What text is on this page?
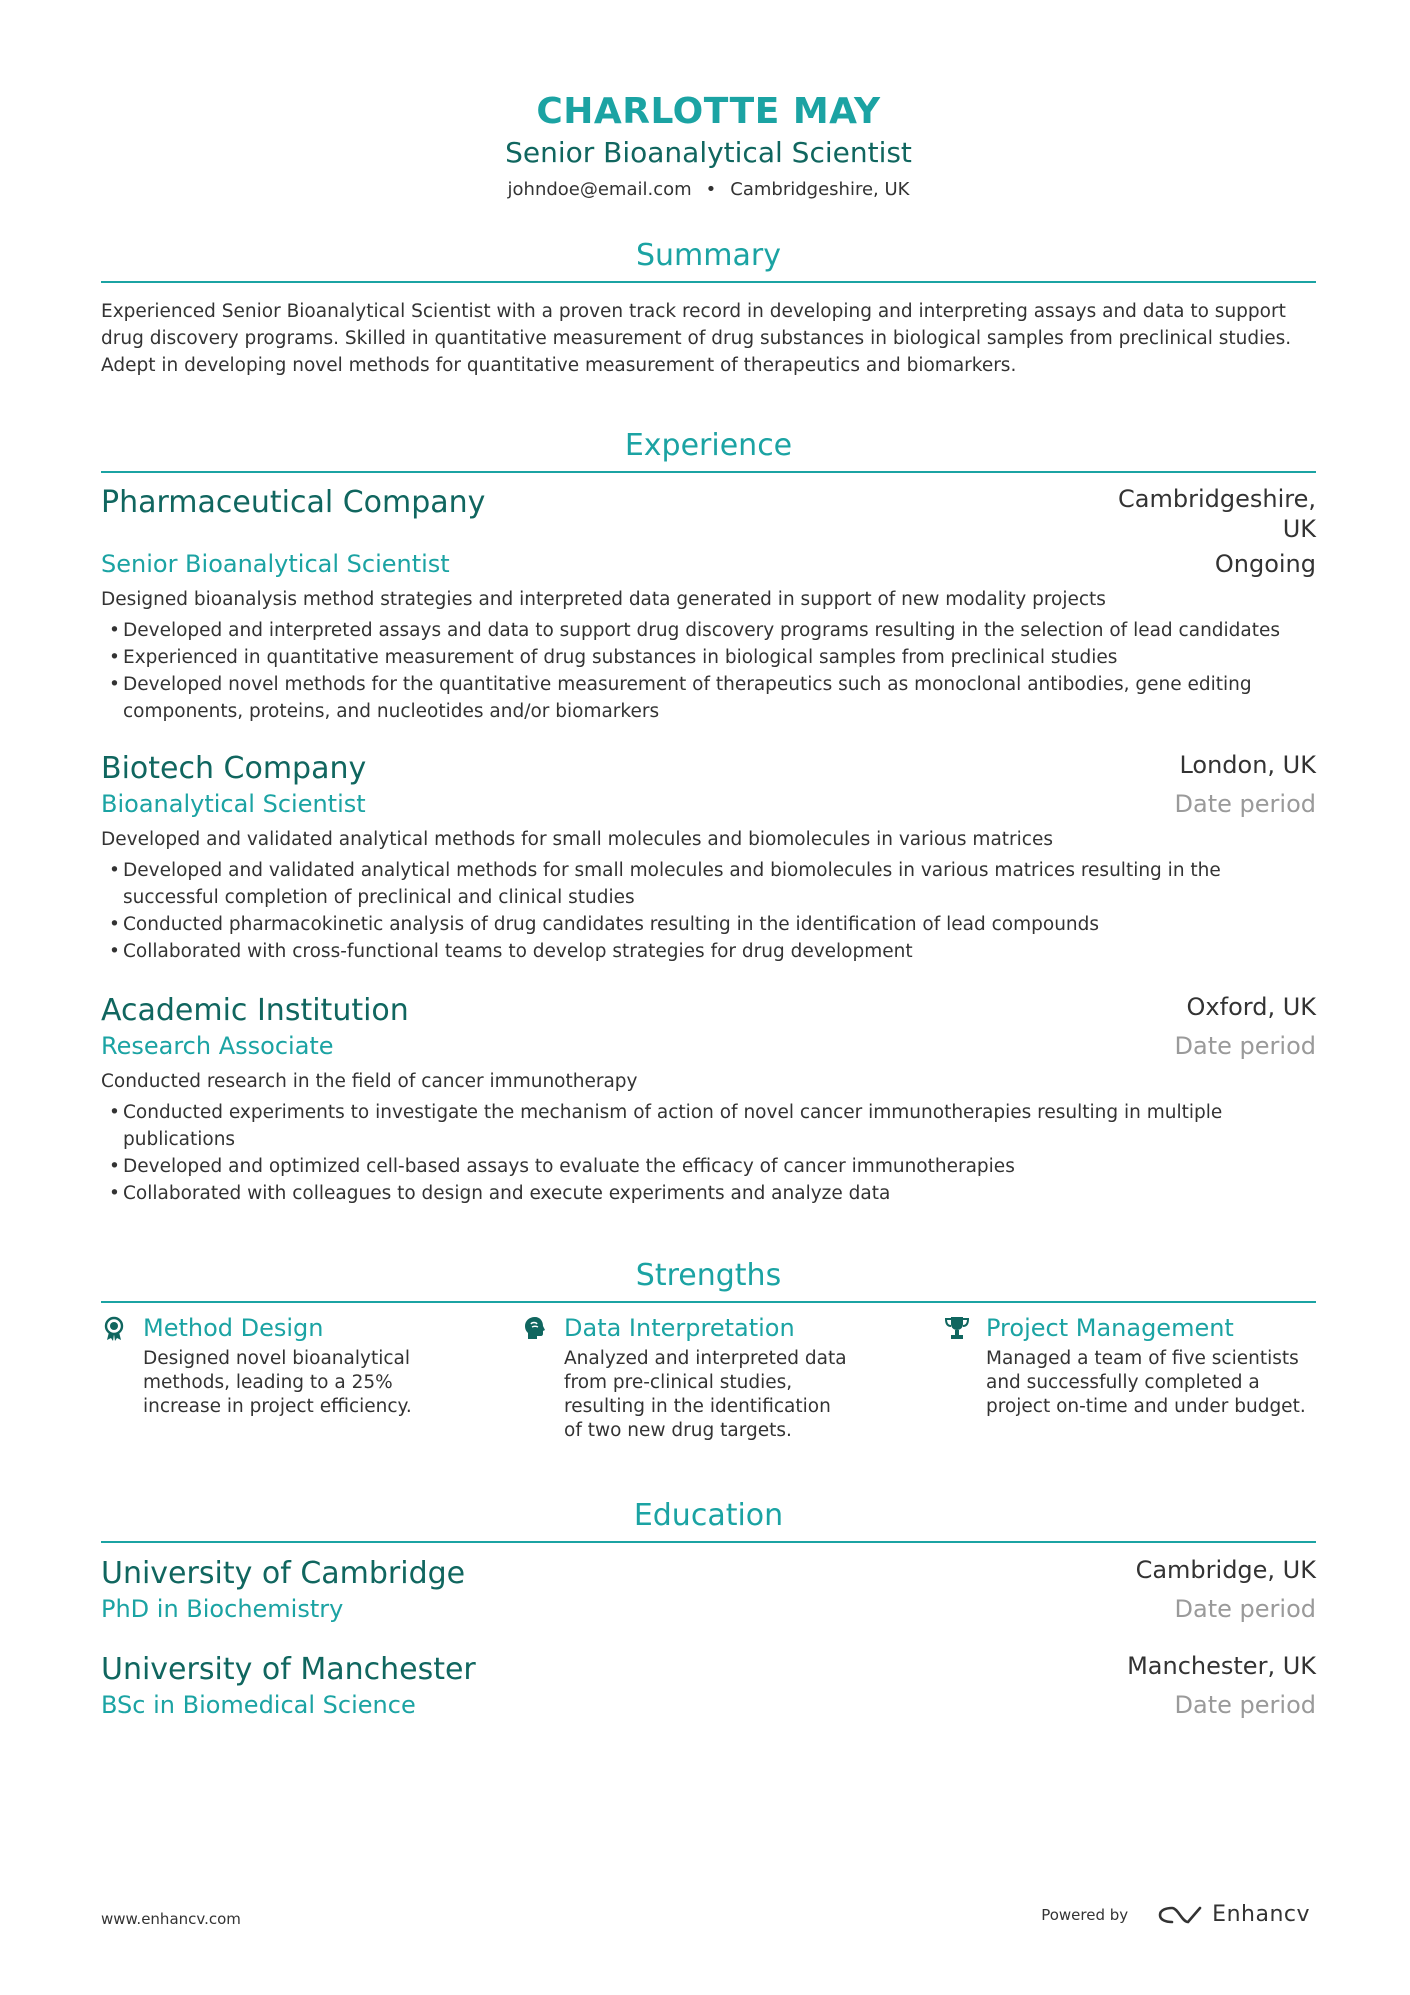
CHARLOTTE MAY
Senior Bioanalytical Scientist
johndoe@email.com • Cambridgeshire, UK
Summary
Experienced Senior Bioanalytical Scientist with a proven track record in developing and interpreting assays and data to support
drug discovery programs. Skilled in quantitative measurement of drug substances in biological samples from preclinical studies.
Adept in developing novel methods for quantitative measurement of therapeutics and biomarkers.
Experience
Pharmaceutical Company	Cambridgeshire,
UK
Senior Bioanalytical Scientist	Ongoing
Designed bioanalysis method strategies and interpreted data generated in support of new modality projects
• Developed and interpreted assays and data to support drug discovery programs resulting in the selection of lead candidates
• Experienced in quantitative measurement of drug substances in biological samples from preclinical studies
• Developed novel methods for the quantitative measurement of therapeutics such as monoclonal antibodies, gene editing components, proteins, and nucleotides and/or biomarkers
Biotech Company	London, UK
Bioanalytical Scientist	Date period
Developed and validated analytical methods for small molecules and biomolecules in various matrices
• Developed and validated analytical methods for small molecules and biomolecules in various matrices resulting in the successful completion of preclinical and clinical studies
• Conducted pharmacokinetic analysis of drug candidates resulting in the identification of lead compounds
• Collaborated with cross-functional teams to develop strategies for drug development
Academic Institution	Oxford, UK
Research Associate	Date period
Conducted research in the field of cancer immunotherapy
• Conducted experiments to investigate the mechanism of action of novel cancer immunotherapies resulting in multiple publications
• Developed and optimized cell-based assays to evaluate the efficacy of cancer immunotherapies
• Collaborated with colleagues to design and execute experiments and analyze data
Strengths
Method Design
Designed novel bioanalytical methods, leading to a 25% increase in project efficiency.
Data Interpretation
Analyzed and interpreted data from pre-clinical studies, resulting in the identification of two new drug targets.
Project Management
Managed a team of five scientists and successfully completed a project on-time and under budget.
Education
University of Cambridge	Cambridge, UK
PhD in Biochemistry	Date period
University of Manchester	Manchester, UK
BSc in Biomedical Science	Date period
www.enhancv.com	Powered by	Enhancv
